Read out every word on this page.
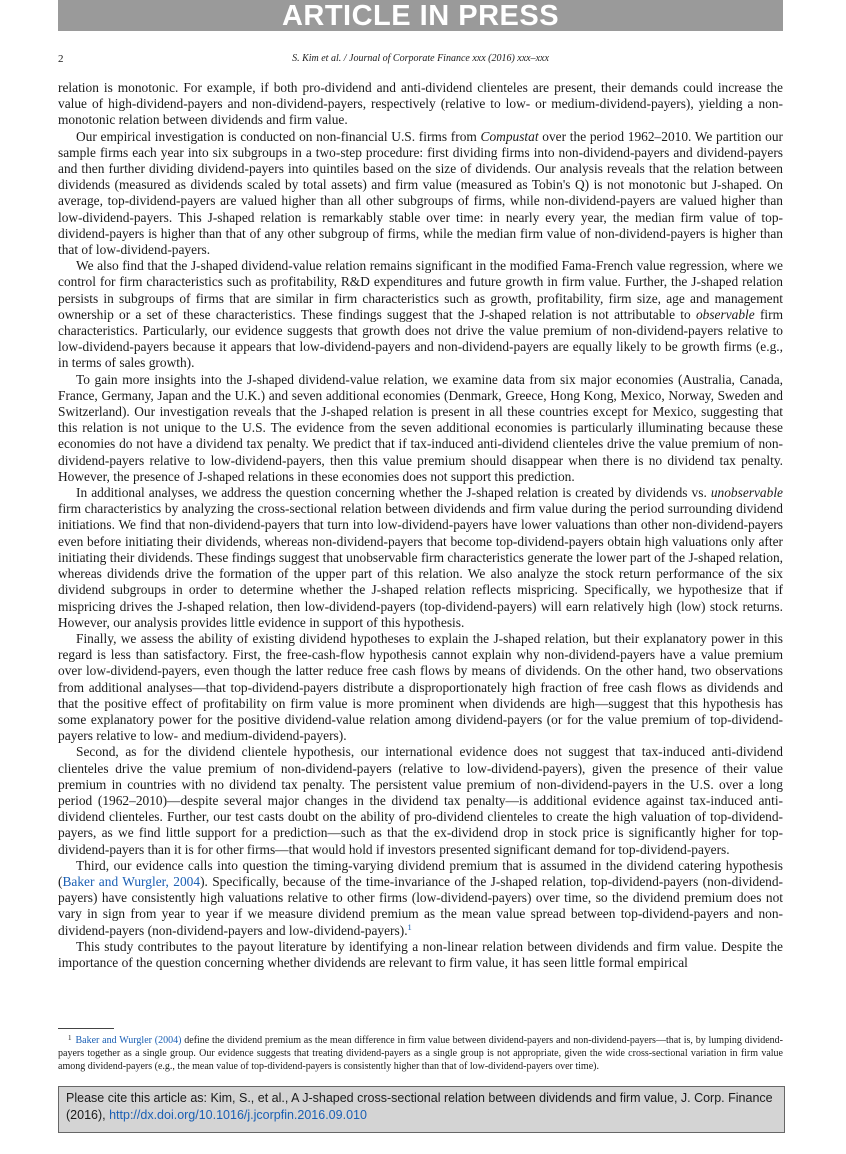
ARTICLE IN PRESS
2	S. Kim et al. / Journal of Corporate Finance xxx (2016) xxx–xxx

relation is monotonic. For example, if both pro-dividend and anti-dividend clienteles are present, their demands could increase the value of high-dividend-payers and non-dividend-payers, respectively (relative to low- or medium-dividend-payers), yielding a non-monotonic relation between dividends and firm value.

Our empirical investigation is conducted on non-financial U.S. firms from Compustat over the period 1962–2010. We partition our sample firms each year into six subgroups in a two-step procedure: first dividing firms into non-dividend-payers and dividend-payers and then further dividing dividend-payers into quintiles based on the size of dividends. Our analysis reveals that the relation between dividends (measured as dividends scaled by total assets) and firm value (measured as Tobin's Q) is not monotonic but J-shaped. On average, top-dividend-payers are valued higher than all other subgroups of firms, while non-dividend-payers are valued higher than low-dividend-payers. This J-shaped relation is remarkably stable over time: in nearly every year, the median firm value of top-dividend-payers is higher than that of any other subgroup of firms, while the median firm value of non-dividend-payers is higher than that of low-dividend-payers.

We also find that the J-shaped dividend-value relation remains significant in the modified Fama-French value regression, where we control for firm characteristics such as profitability, R&D expenditures and future growth in firm value. Further, the J-shaped relation persists in subgroups of firms that are similar in firm characteristics such as growth, profitability, firm size, age and management ownership or a set of these characteristics. These findings suggest that the J-shaped relation is not attributable to observable firm characteristics. Particularly, our evidence suggests that growth does not drive the value premium of non-dividend-payers relative to low-dividend-payers because it appears that low-dividend-payers and non-dividend-payers are equally likely to be growth firms (e.g., in terms of sales growth).

To gain more insights into the J-shaped dividend-value relation, we examine data from six major economies (Australia, Canada, France, Germany, Japan and the U.K.) and seven additional economies (Denmark, Greece, Hong Kong, Mexico, Norway, Sweden and Switzerland). Our investigation reveals that the J-shaped relation is present in all these countries except for Mexico, suggesting that this relation is not unique to the U.S. The evidence from the seven additional economies is particularly illuminating because these economies do not have a dividend tax penalty. We predict that if tax-induced anti-dividend clienteles drive the value premium of non-dividend-payers relative to low-dividend-payers, then this value premium should disappear when there is no dividend tax penalty. However, the presence of J-shaped relations in these economies does not support this prediction.

In additional analyses, we address the question concerning whether the J-shaped relation is created by dividends vs. unobservable firm characteristics by analyzing the cross-sectional relation between dividends and firm value during the period surrounding dividend initiations. We find that non-dividend-payers that turn into low-dividend-payers have lower valuations than other non-dividend-payers even before initiating their dividends, whereas non-dividend-payers that become top-dividend-payers obtain high valuations only after initiating their dividends. These findings suggest that unobservable firm characteristics generate the lower part of the J-shaped relation, whereas dividends drive the formation of the upper part of this relation. We also analyze the stock return performance of the six dividend subgroups in order to determine whether the J-shaped relation reflects mispricing. Specifically, we hypothesize that if mispricing drives the J-shaped relation, then low-dividend-payers (top-dividend-payers) will earn relatively high (low) stock returns. However, our analysis provides little evidence in support of this hypothesis.

Finally, we assess the ability of existing dividend hypotheses to explain the J-shaped relation, but their explanatory power in this regard is less than satisfactory. First, the free-cash-flow hypothesis cannot explain why non-dividend-payers have a value premium over low-dividend-payers, even though the latter reduce free cash flows by means of dividends. On the other hand, two observations from additional analyses—that top-dividend-payers distribute a disproportionately high fraction of free cash flows as dividends and that the positive effect of profitability on firm value is more prominent when dividends are high—suggest that this hypothesis has some explanatory power for the positive dividend-value relation among dividend-payers (or for the value premium of top-dividend-payers relative to low- and medium-dividend-payers).

Second, as for the dividend clientele hypothesis, our international evidence does not suggest that tax-induced anti-dividend clienteles drive the value premium of non-dividend-payers (relative to low-dividend-payers), given the presence of their value premium in countries with no dividend tax penalty. The persistent value premium of non-dividend-payers in the U.S. over a long period (1962–2010)—despite several major changes in the dividend tax penalty—is additional evidence against tax-induced anti-dividend clienteles. Further, our test casts doubt on the ability of pro-dividend clienteles to create the high valuation of top-dividend-payers, as we find little support for a prediction—such as that the ex-dividend drop in stock price is significantly higher for top-dividend-payers than it is for other firms—that would hold if investors presented significant demand for top-dividend-payers.

Third, our evidence calls into question the timing-varying dividend premium that is assumed in the dividend catering hypothesis (Baker and Wurgler, 2004). Specifically, because of the time-invariance of the J-shaped relation, top-dividend-payers (non-dividend-payers) have consistently high valuations relative to other firms (low-dividend-payers) over time, so the dividend premium does not vary in sign from year to year if we measure dividend premium as the mean value spread between top-dividend-payers and non-dividend-payers (non-dividend-payers and low-dividend-payers).$^1$

This study contributes to the payout literature by identifying a non-linear relation between dividends and firm value. Despite the importance of the question concerning whether dividends are relevant to firm value, it has seen little formal empirical

$^1$ Baker and Wurgler (2004) define the dividend premium as the mean difference in firm value between dividend-payers and non-dividend-payers—that is, by lumping dividend-payers together as a single group. Our evidence suggests that treating dividend-payers as a single group is not appropriate, given the wide cross-sectional variation in firm value among dividend-payers (e.g., the mean value of top-dividend-payers is consistently higher than that of low-dividend-payers over time).
Please cite this article as: Kim, S., et al., A J-shaped cross-sectional relation between dividends and firm value, J. Corp. Finance (2016), http://dx.doi.org/10.1016/j.jcorpfin.2016.09.010
